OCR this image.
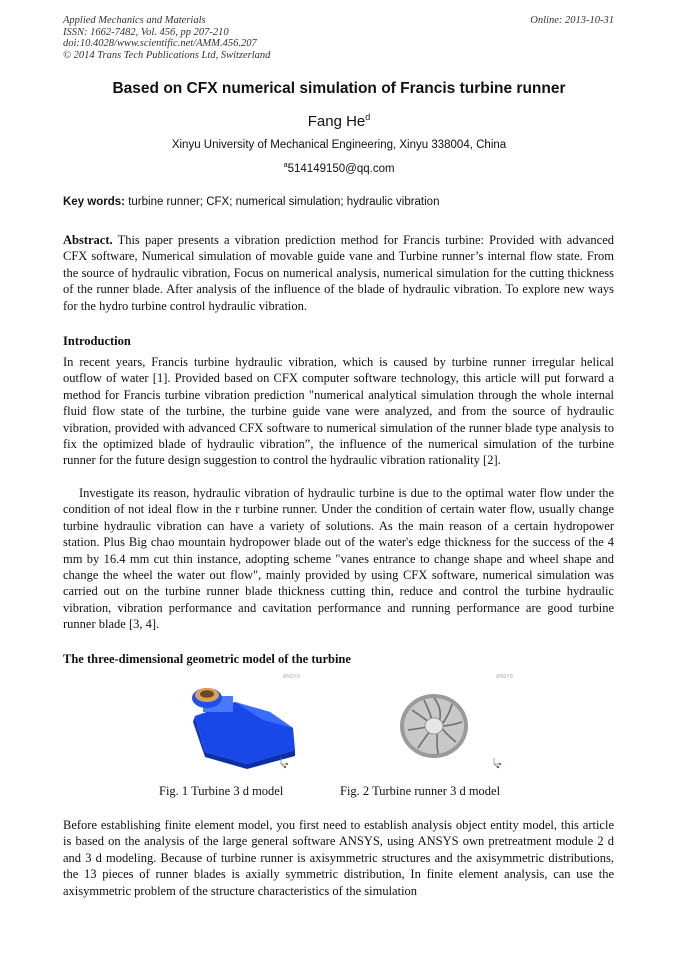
Applied Mechanics and Materials
ISSN: 1662-7482, Vol. 456, pp 207-210
doi:10.4028/www.scientific.net/AMM.456.207
© 2014 Trans Tech Publications Ltd, Switzerland
Online: 2013-10-31
Based on CFX numerical simulation of Francis turbine runner
Fang He$^d$
Xinyu University of Mechanical Engineering, Xinyu 338004, China
$^a$514149150@qq.com
Key words: turbine runner; CFX; numerical simulation; hydraulic vibration
Abstract. This paper presents a vibration prediction method for Francis turbine: Provided with advanced CFX software, Numerical simulation of movable guide vane and Turbine runner’s internal flow state. From the source of hydraulic vibration, Focus on numerical analysis, numerical simulation for the cutting thickness of the runner blade. After analysis of the influence of the blade of hydraulic vibration. To explore new ways for the hydro turbine control hydraulic vibration.
Introduction
In recent years, Francis turbine hydraulic vibration, which is caused by turbine runner irregular helical outflow of water [1]. Provided based on CFX computer software technology, this article will put forward a method for Francis turbine vibration prediction "numerical analytical simulation through the whole internal fluid flow state of the turbine, the turbine guide vane were analyzed, and from the source of hydraulic vibration, provided with advanced CFX software to numerical simulation of the runner blade type analysis to fix the optimized blade of hydraulic vibration”, the influence of the numerical simulation of the turbine runner for the future design suggestion to control the hydraulic vibration rationality [2].
Investigate its reason, hydraulic vibration of hydraulic turbine is due to the optimal water flow under the condition of not ideal flow in the r turbine runner. Under the condition of certain water flow, usually change turbine hydraulic vibration can have a variety of solutions. As the main reason of a certain hydropower station. Plus Big chao mountain hydropower blade out of the water's edge thickness for the success of the 4 mm by 16.4 mm cut thin instance, adopting scheme "vanes entrance to change shape and wheel shape and change the wheel the water out flow", mainly provided by using CFX software, numerical simulation was carried out on the turbine runner blade thickness cutting thin, reduce and control the turbine hydraulic vibration, vibration performance and cavitation performance and running performance are good turbine runner blade [3, 4].
The three-dimensional geometric model of the turbine
ANSYS	ANSYS
Fig. 1 Turbine 3 d model	Fig. 2 Turbine runner 3 d model
Before establishing finite element model, you first need to establish analysis object entity model, this article is based on the analysis of the large general software ANSYS, using ANSYS own pretreatment module 2 d and 3 d modeling. Because of turbine runner is axisymmetric structures and the axisymmetric distributions, the 13 pieces of runner blades is axially symmetric distribution, In finite element analysis, can use the axisymmetric problem of the structure characteristics of the simulation
